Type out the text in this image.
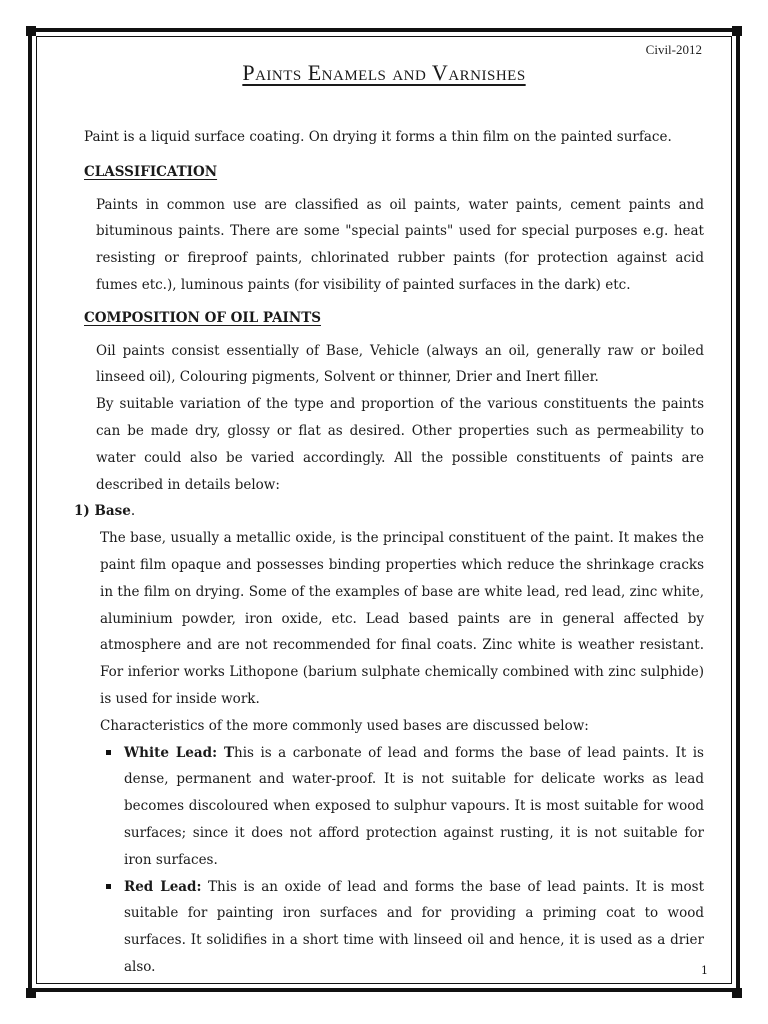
Civil-2012
Paints Enamels and Varnishes

Paint is a liquid surface coating. On drying it forms a thin film on the painted surface.

CLASSIFICATION

Paints in common use are classified as oil paints, water paints, cement paints and bituminous paints. There are some "special paints" used for special purposes e.g. heat resisting or fireproof paints, chlorinated rubber paints (for protection against acid fumes etc.), luminous paints (for visibility of painted surfaces in the dark) etc.

COMPOSITION OF OIL PAINTS

Oil paints consist essentially of Base, Vehicle (always an oil, generally raw or boiled linseed oil), Colouring pigments, Solvent or thinner, Drier and Inert filler.

By suitable variation of the type and proportion of the various constituents the paints can be made dry, glossy or flat as desired. Other properties such as permeability to water could also be varied accordingly. All the possible constituents of paints are described in details below:

1) Base.

The base, usually a metallic oxide, is the principal constituent of the paint. It makes the paint film opaque and possesses binding properties which reduce the shrinkage cracks in the film on drying. Some of the examples of base are white lead, red lead, zinc white, aluminium powder, iron oxide, etc. Lead based paints are in general affected by atmosphere and are not recommended for final coats. Zinc white is weather resistant. For inferior works Lithopone (barium sulphate chemically combined with zinc sulphide) is used for inside work.

Characteristics of the more commonly used bases are discussed below:

White Lead: This is a carbonate of lead and forms the base of lead paints. It is dense, permanent and water-proof. It is not suitable for delicate works as lead becomes discoloured when exposed to sulphur vapours. It is most suitable for wood surfaces; since it does not afford protection against rusting, it is not suitable for iron surfaces.
Red Lead: This is an oxide of lead and forms the base of lead paints. It is most suitable for painting iron surfaces and for providing a priming coat to wood surfaces. It solidifies in a short time with linseed oil and hence, it is used as a drier also.	1
